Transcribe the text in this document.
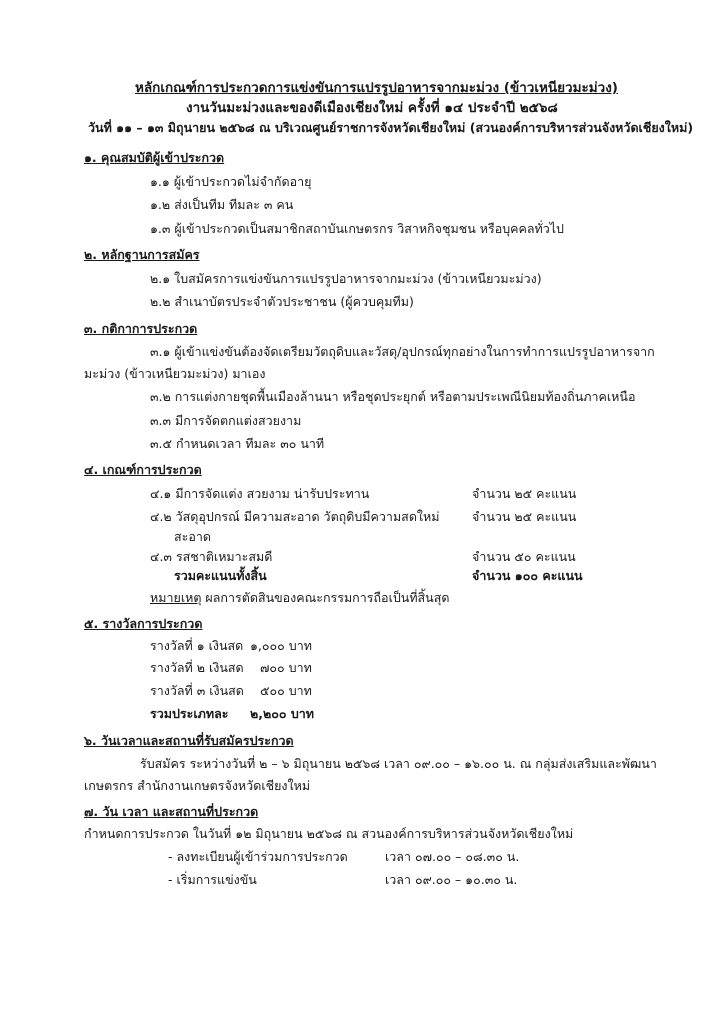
หลักเกณฑ์การประกวดการแข่งขันการแปรรูปอาหารจากมะม่วง (ข้าวเหนียวมะม่วง)
งานวันมะม่วงและของดีเมืองเชียงใหม่ ครั้งที่ ๑๔ ประจำปี ๒๕๖๘
วันที่ ๑๑ – ๑๓ มิถุนายน ๒๕๖๘ ณ บริเวณศูนย์ราชการจังหวัดเชียงใหม่ (สวนองค์การบริหารส่วนจังหวัดเชียงใหม่)
๑. คุณสมบัติผู้เข้าประกวด
๑.๑ ผู้เข้าประกวดไม่จำกัดอายุ
๑.๒ ส่งเป็นทีม ทีมละ ๓ คน
๑.๓ ผู้เข้าประกวดเป็นสมาชิกสถาบันเกษตรกร วิสาหกิจชุมชน หรือบุคคลทั่วไป
๒. หลักฐานการสมัคร
๒.๑ ใบสมัครการแข่งขันการแปรรูปอาหารจากมะม่วง (ข้าวเหนียวมะม่วง)
๒.๒ สำเนาบัตรประจำตัวประชาชน (ผู้ควบคุมทีม)
๓. กติกาการประกวด
๓.๑ ผู้เข้าแข่งขันต้องจัดเตรียมวัตถุดิบและวัสดุ/อุปกรณ์ทุกอย่างในการทำการแปรรูปอาหารจาก
มะม่วง (ข้าวเหนียวมะม่วง) มาเอง
๓.๒ การแต่งกายชุดพื้นเมืองล้านนา หรือชุดประยุกต์ หรือตามประเพณีนิยมท้องถิ่นภาคเหนือ
๓.๓ มีการจัดตกแต่งสวยงาม
๓.๕ กำหนดเวลา ทีมละ ๓๐ นาที
๔. เกณฑ์การประกวด
๔.๑ มีการจัดแต่ง สวยงาม น่ารับประทาน	จำนวน ๒๕ คะแนน
๔.๒ วัสดุอุปกรณ์ มีความสะอาด วัตถุดิบมีความสดใหม่	จำนวน ๒๕ คะแนน
สะอาด
๔.๓ รสชาติเหมาะสมดี	จำนวน ๕๐ คะแนน
รวมคะแนนทั้งสิ้น	จำนวน ๑๐๐ คะแนน
หมายเหตุ ผลการตัดสินของคณะกรรมการถือเป็นที่สิ้นสุด
๕. รางวัลการประกวด
รางวัลที่ ๑ เงินสด ๑,๐๐๐ บาท
รางวัลที่ ๒ เงินสด ๗๐๐ บาท
รางวัลที่ ๓ เงินสด ๕๐๐ บาท
รวมประเภทละ ๒,๒๐๐ บาท
๖. วันเวลาและสถานที่รับสมัครประกวด
รับสมัคร ระหว่างวันที่ ๒ – ๖ มิถุนายน ๒๕๖๘ เวลา ๐๙.๐๐ – ๑๖.๐๐ น. ณ กลุ่มส่งเสริมและพัฒนา
เกษตรกร สำนักงานเกษตรจังหวัดเชียงใหม่
๗. วัน เวลา และสถานที่ประกวด
กำหนดการประกวด ในวันที่ ๑๒ มิถุนายน ๒๕๖๘ ณ สวนองค์การบริหารส่วนจังหวัดเชียงใหม่
- ลงทะเบียนผู้เข้าร่วมการประกวด	เวลา ๐๗.๐๐ – ๐๘.๓๐ น.
- เริ่มการแข่งขัน	เวลา ๐๙.๐๐ – ๑๐.๓๐ น.
